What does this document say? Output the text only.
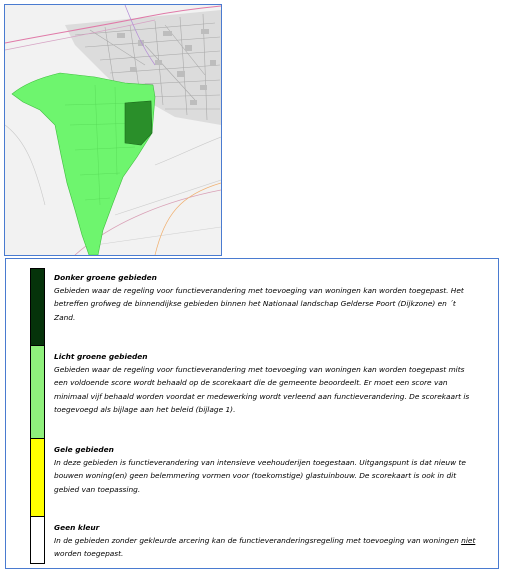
Donker groene gebieden
Gebieden waar de regeling voor functieverandering met toevoeging van woningen kan worden toegepast. Het
betreffen grofweg de binnendijkse gebieden binnen het Nationaal landschap Gelderse Poort (Dijkzone) en ´t
Zand.
Licht groene gebieden
Gebieden waar de regeling voor functieverandering met toevoeging van woningen kan worden toegepast mits
een voldoende score wordt behaald op de scorekaart die de gemeente beoordeelt. Er moet een score van
minimaal vijf behaald worden voordat er medewerking wordt verleend aan functieverandering. De scorekaart is
toegevoegd als bijlage aan het beleid (bijlage 1).
Gele gebieden
In deze gebieden is functieverandering van intensieve veehouderijen toegestaan. Uitgangspunt is dat nieuw te
bouwen woning(en) geen belemmering vormen voor (toekomstige) glastuinbouw. De scorekaart is ook in dit
gebied van toepassing.
Geen kleur
In de gebieden zonder gekleurde arcering kan de functieveranderingsregeling met toevoeging van woningen niet
worden toegepast.
